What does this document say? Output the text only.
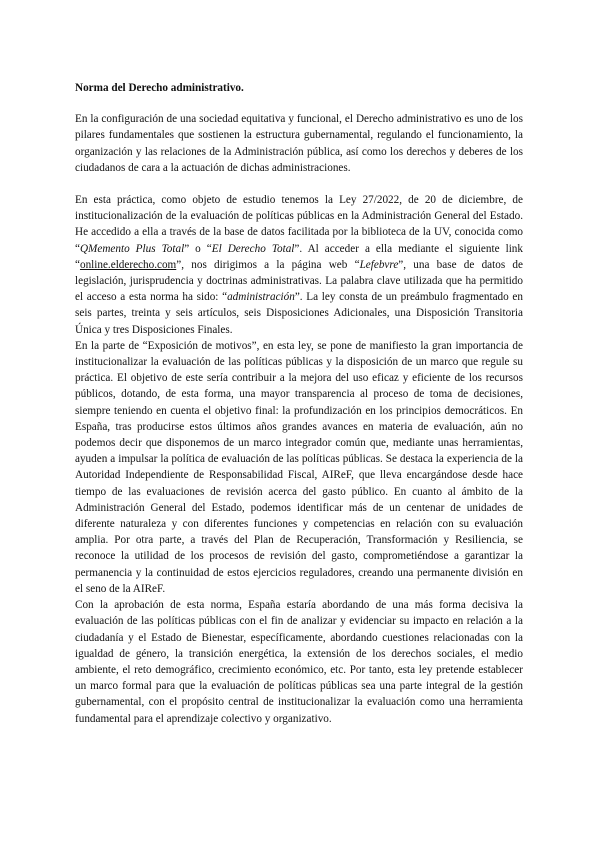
Norma del Derecho administrativo.

En la configuración de una sociedad equitativa y funcional, el Derecho administrativo es uno de los pilares fundamentales que sostienen la estructura gubernamental, regulando el funcionamiento, la organización y las relaciones de la Administración pública, así como los derechos y deberes de los ciudadanos de cara a la actuación de dichas administraciones.

En esta práctica, como objeto de estudio tenemos la Ley 27/2022, de 20 de diciembre, de institucionalización de la evaluación de políticas públicas en la Administración General del Estado. He accedido a ella a través de la base de datos facilitada por la biblioteca de la UV, conocida como “QMemento Plus Total” o “El Derecho Total”. Al acceder a ella mediante el siguiente link “online.elderecho.com”, nos dirigimos a la página web “Lefebvre”, una base de datos de legislación, jurisprudencia y doctrinas administrativas. La palabra clave utilizada que ha permitido el acceso a esta norma ha sido: “administración”. La ley consta de un preámbulo fragmentado en seis partes, treinta y seis artículos, seis Disposiciones Adicionales, una Disposición Transitoria Única y tres Disposiciones Finales.

En la parte de “Exposición de motivos”, en esta ley, se pone de manifiesto la gran importancia de institucionalizar la evaluación de las políticas públicas y la disposición de un marco que regule su práctica. El objetivo de este sería contribuir a la mejora del uso eficaz y eficiente de los recursos públicos, dotando, de esta forma, una mayor transparencia al proceso de toma de decisiones, siempre teniendo en cuenta el objetivo final: la profundización en los principios democráticos. En España, tras producirse estos últimos años grandes avances en materia de evaluación, aún no podemos decir que disponemos de un marco integrador común que, mediante unas herramientas, ayuden a impulsar la política de evaluación de las políticas públicas. Se destaca la experiencia de la Autoridad Independiente de Responsabilidad Fiscal, AIReF, que lleva encargándose desde hace tiempo de las evaluaciones de revisión acerca del gasto público. En cuanto al ámbito de la Administración General del Estado, podemos identificar más de un centenar de unidades de diferente naturaleza y con diferentes funciones y competencias en relación con su evaluación amplia. Por otra parte, a través del Plan de Recuperación, Transformación y Resiliencia, se reconoce la utilidad de los procesos de revisión del gasto, comprometiéndose a garantizar la permanencia y la continuidad de estos ejercicios reguladores, creando una permanente división en el seno de la AIReF.

Con la aprobación de esta norma, España estaría abordando de una más forma decisiva la evaluación de las políticas públicas con el fin de analizar y evidenciar su impacto en relación a la ciudadanía y el Estado de Bienestar, específicamente, abordando cuestiones relacionadas con la igualdad de género, la transición energética, la extensión de los derechos sociales, el medio ambiente, el reto demográfico, crecimiento económico, etc. Por tanto, esta ley pretende establecer un marco formal para que la evaluación de políticas públicas sea una parte integral de la gestión gubernamental, con el propósito central de institucionalizar la evaluación como una herramienta fundamental para el aprendizaje colectivo y organizativo.
